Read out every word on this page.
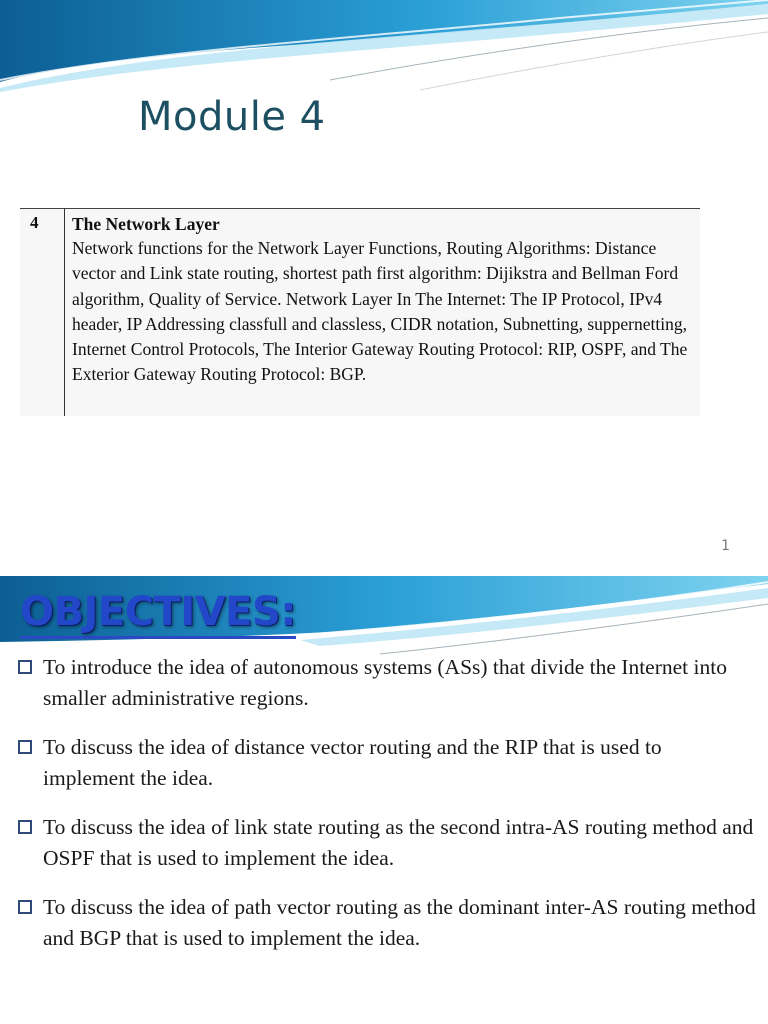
Module 4
4 The Network Layer
Network functions for the Network Layer Functions, Routing Algorithms: Distance vector and Link state routing, shortest path first algorithm: Dijikstra and Bellman Ford algorithm, Quality of Service. Network Layer In The Internet: The IP Protocol, IPv4 header, IP Addressing classfull and classless, CIDR notation, Subnetting, suppernetting, Internet Control Protocols, The Interior Gateway Routing Protocol: RIP, OSPF, and The Exterior Gateway Routing Protocol: BGP.
1
OBJECTIVES:
To introduce the idea of autonomous systems (ASs) that divide the Internet into smaller administrative regions.
To discuss the idea of distance vector routing and the RIP that is used to implement the idea.
To discuss the idea of link state routing as the second intra-AS routing method and OSPF that is used to implement the idea.
To discuss the idea of path vector routing as the dominant inter-AS routing method and BGP that is used to implement the idea.
